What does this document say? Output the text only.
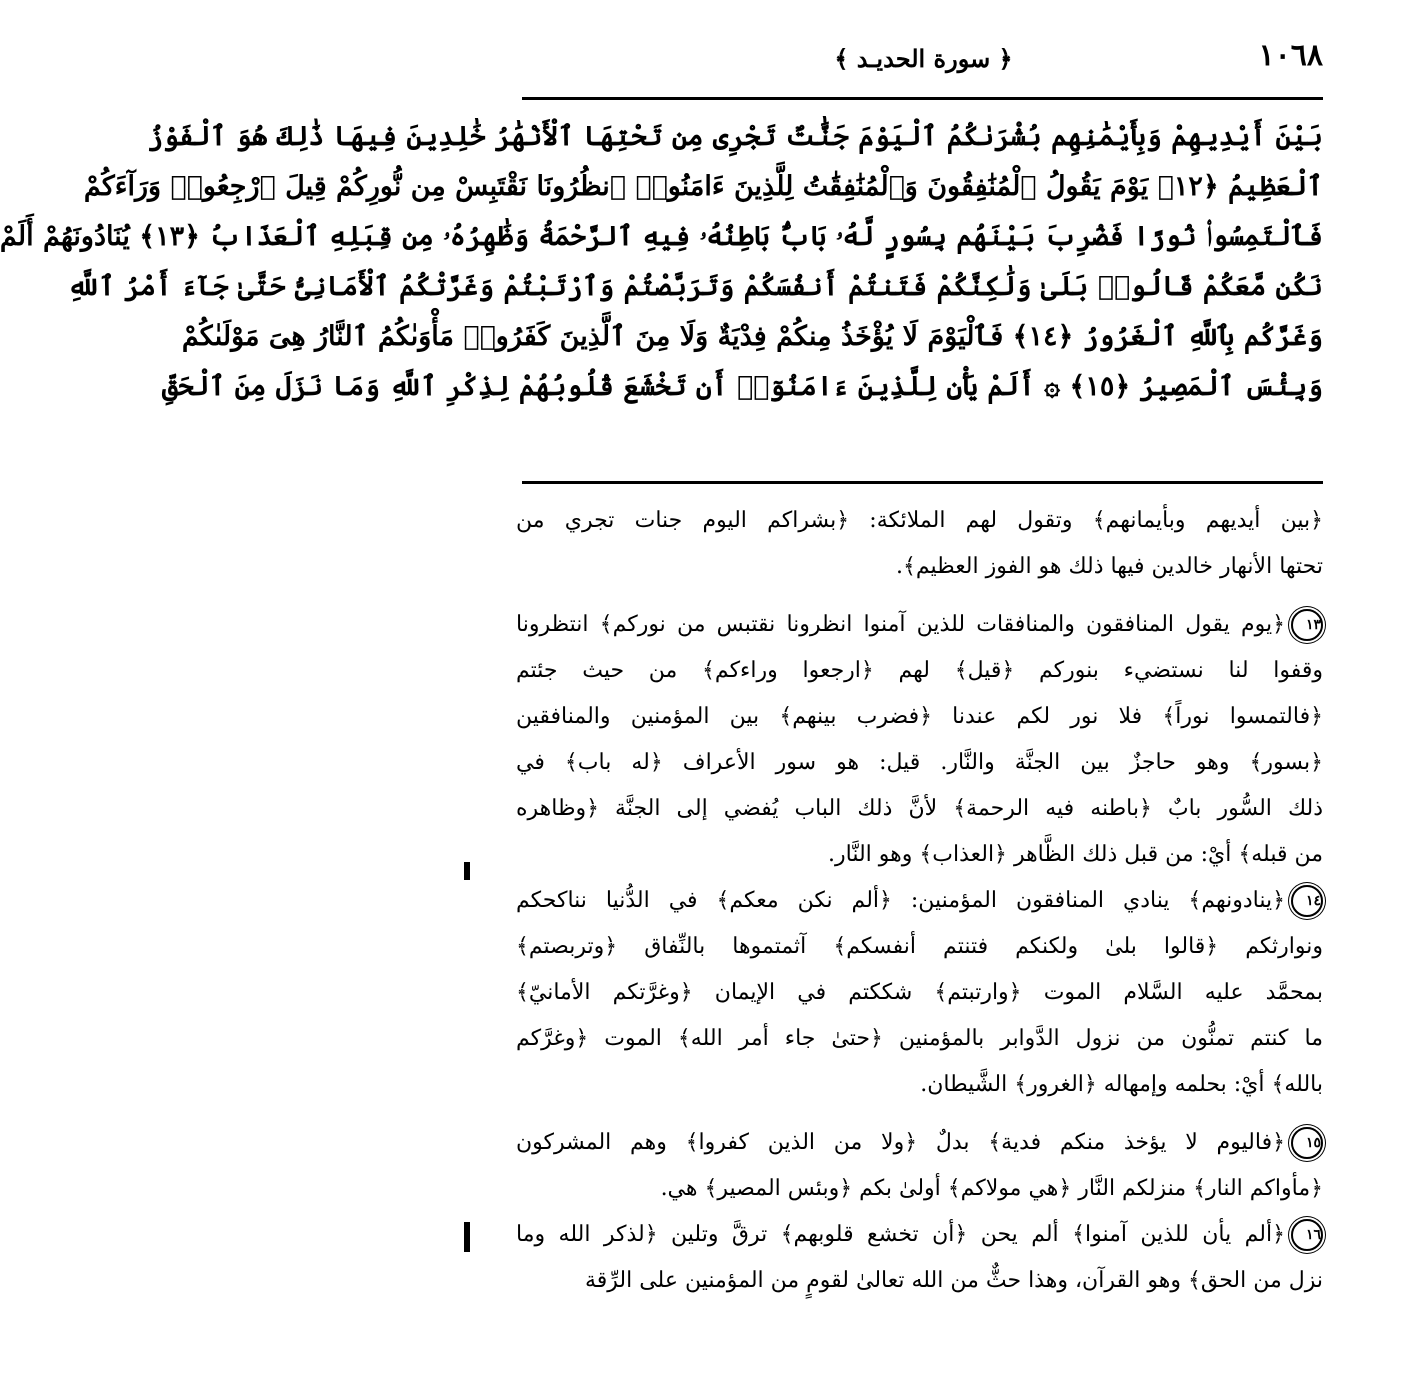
١٠٦٨
﴿ سورة الحديـد ﴾
بَيْنَ أَيْدِيهِمْ وَبِأَيْمَٰنِهِم بُشْرَىٰكُمُ ٱلْيَوْمَ جَنَّٰتٌ تَجْرِى مِن تَحْتِهَا ٱلْأَنْهَٰرُ خَٰلِدِينَ فِيهَا ذَٰلِكَ هُوَ ٱلْفَوْزُ
ٱلْعَظِيمُ ﴿١٢﴾ يَوْمَ يَقُولُ ٱلْمُنَٰفِقُونَ وَٱلْمُنَٰفِقَٰتُ لِلَّذِينَ ءَامَنُوا۟ ٱنظُرُونَا نَقْتَبِسْ مِن نُّورِكُمْ قِيلَ ٱرْجِعُوا۟ وَرَآءَكُمْ
فَٱلْتَمِسُوا۟ نُورًا فَضُرِبَ بَيْنَهُم بِسُورٍ لَّهُۥ بَابٌۢ بَاطِنُهُۥ فِيهِ ٱلرَّحْمَةُ وَظَٰهِرُهُۥ مِن قِبَلِهِ ٱلْعَذَابُ ﴿١٣﴾ يُنَادُونَهُمْ أَلَمْ
نَكُن مَّعَكُمْ قَالُوا۟ بَلَىٰ وَلَٰكِنَّكُمْ فَتَنتُمْ أَنفُسَكُمْ وَتَرَبَّصْتُمْ وَٱرْتَبْتُمْ وَغَرَّتْكُمُ ٱلْأَمَانِىُّ حَتَّىٰ جَآءَ أَمْرُ ٱللَّهِ
وَغَرَّكُم بِٱللَّهِ ٱلْغَرُورُ ﴿١٤﴾ فَٱلْيَوْمَ لَا يُؤْخَذُ مِنكُمْ فِدْيَةٌ وَلَا مِنَ ٱلَّذِينَ كَفَرُوا۟ مَأْوَىٰكُمُ ٱلنَّارُ هِىَ مَوْلَىٰكُمْ
وَبِئْسَ ٱلْمَصِيرُ ﴿١٥﴾ ۞ أَلَمْ يَأْنِ لِلَّذِينَ ءَامَنُوٓا۟ أَن تَخْشَعَ قُلُوبُهُمْ لِذِكْرِ ٱللَّهِ وَمَا نَزَلَ مِنَ ٱلْحَقِّ
﴿بين أيديهم وبأيمانهم﴾ وتقول لهم الملائكة: ﴿بشراكم اليوم جنات تجري من
تحتها الأنهار خالدين فيها ذلك هو الفوز العظيم﴾.
١٣﴿يوم يقول المنافقون والمنافقات للذين آمنوا انظرونا نقتبس من نوركم﴾ انتظرونا
وقفوا لنا نستضيء بنوركم ﴿قيل﴾ لهم ﴿ارجعوا وراءكم﴾ من حيث جئتم
﴿فالتمسوا نوراً﴾ فلا نور لكم عندنا ﴿فضرب بينهم﴾ بين المؤمنين والمنافقين
﴿بسور﴾ وهو حاجزٌ بين الجنَّة والنَّار. قيل: هو سور الأعراف ﴿له باب﴾ في
ذلك السُّور بابٌ ﴿باطنه فيه الرحمة﴾ لأنَّ ذلك الباب يُفضي إلى الجنَّة ﴿وظاهره
من قبله﴾ أيْ: من قبل ذلك الظَّاهر ﴿العذاب﴾ وهو النَّار.
١٤﴿ينادونهم﴾ ينادي المنافقون المؤمنين: ﴿ألم نكن معكم﴾ في الدُّنيا نناكحكم
ونوارثكم ﴿قالوا بلىٰ ولكنكم فتنتم أنفسكم﴾ آثمتموها بالنِّفاق ﴿وتربصتم﴾
بمحمَّد عليه السَّلام الموت ﴿وارتبتم﴾ شككتم في الإيمان ﴿وغرَّتكم الأمانيّ﴾
ما كنتم تمنُّون من نزول الدَّوابر بالمؤمنين ﴿حتىٰ جاء أمر الله﴾ الموت ﴿وغرَّكم
بالله﴾ أيْ: بحلمه وإمهاله ﴿الغرور﴾ الشَّيطان.
١٥﴿فاليوم لا يؤخذ منكم فدية﴾ بدلٌ ﴿ولا من الذين كفروا﴾ وهم المشركون
﴿مأواكم النار﴾ منزلكم النَّار ﴿هي مولاكم﴾ أولىٰ بكم ﴿وبئس المصير﴾ هي.
١٦﴿ألم يأن للذين آمنوا﴾ ألم يحن ﴿أن تخشع قلوبهم﴾ ترقَّ وتلين ﴿لذكر الله وما
نزل من الحق﴾ وهو القرآن، وهذا حثٌّ من الله تعالىٰ لقومٍ من المؤمنين على الرِّقة
